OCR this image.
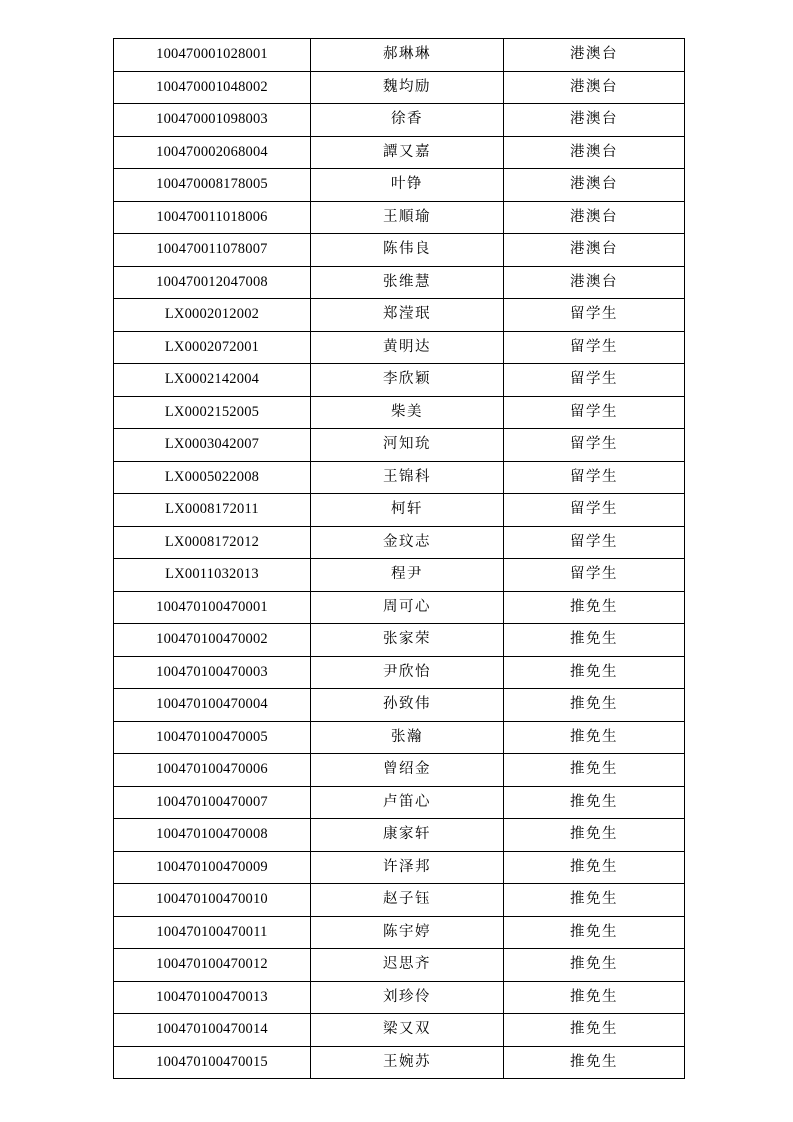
100470001028001	郝琳琳	港澳台
100470001048002	魏均励	港澳台
100470001098003	徐香	港澳台
100470002068004	譚又嘉	港澳台
100470008178005	叶铮	港澳台
100470011018006	王順瑜	港澳台
100470011078007	陈伟良	港澳台
100470012047008	张维慧	港澳台
LX0002012002	郑滢珉	留学生
LX0002072001	黄明达	留学生
LX0002142004	李欣颖	留学生
LX0002152005	柴美	留学生
LX0003042007	河知玧	留学生
LX0005022008	王锦科	留学生
LX0008172011	柯轩	留学生
LX0008172012	金玟志	留学生
LX0011032013	程尹	留学生
100470100470001	周可心	推免生
100470100470002	张家荣	推免生
100470100470003	尹欣怡	推免生
100470100470004	孙致伟	推免生
100470100470005	张瀚	推免生
100470100470006	曾绍金	推免生
100470100470007	卢笛心	推免生
100470100470008	康家轩	推免生
100470100470009	许泽邦	推免生
100470100470010	赵子钰	推免生
100470100470011	陈宇婷	推免生
100470100470012	迟思齐	推免生
100470100470013	刘珍伶	推免生
100470100470014	梁又双	推免生
100470100470015	王婉苏	推免生
